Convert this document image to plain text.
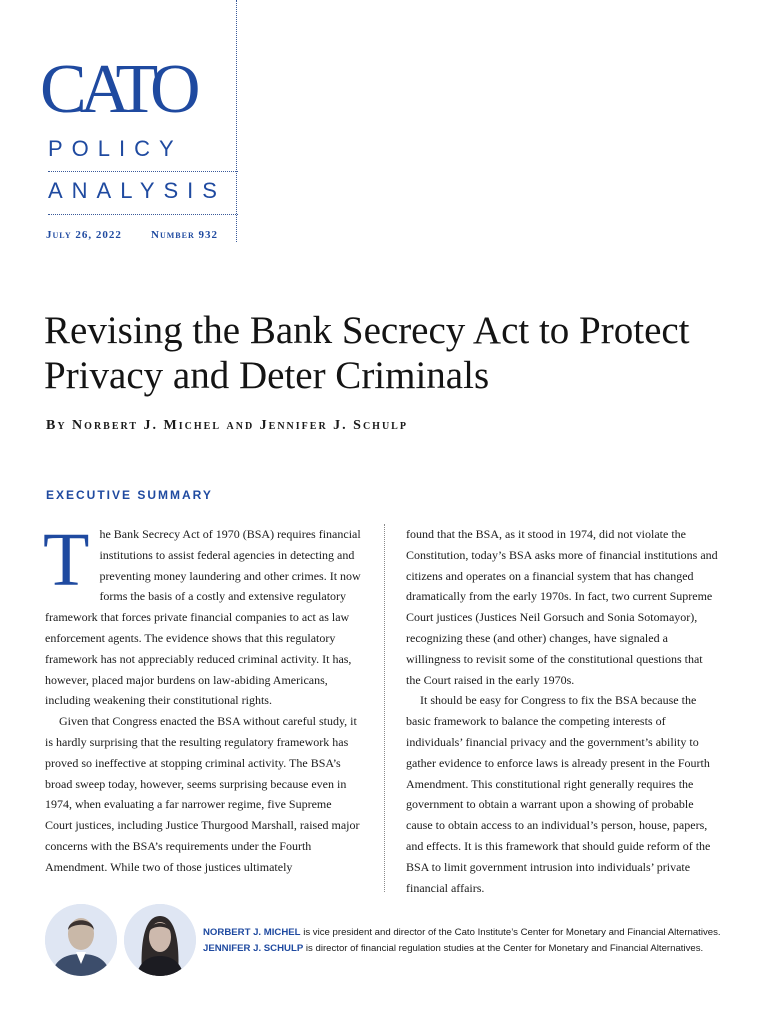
CATO
POLICY
ANALYSIS
July 26, 2022	Number 932
Revising the Bank Secrecy Act to Protect Privacy and Deter Criminals
By Norbert J. Michel and Jennifer J. Schulp
EXECUTIVE SUMMARY

The Bank Secrecy Act of 1970 (BSA) requires financial institutions to assist federal agencies in detecting and preventing money laundering and other crimes. It now forms the basis of a costly and extensive regulatory framework that forces private financial companies to act as law enforcement agents. The evidence shows that this regulatory framework has not appreciably reduced criminal activity. It has, however, placed major burdens on law-abiding Americans, including weakening their constitutional rights.

Given that Congress enacted the BSA without careful study, it is hardly surprising that the resulting regulatory framework has proved so ineffective at stopping criminal activity. The BSA’s broad sweep today, however, seems surprising because even in 1974, when evaluating a far narrower regime, five Supreme Court justices, including Justice Thurgood Marshall, raised major concerns with the BSA’s requirements under the Fourth Amendment. While two of those justices ultimately

found that the BSA, as it stood in 1974, did not violate the Constitution, today’s BSA asks more of financial institutions and citizens and operates on a financial system that has changed dramatically from the early 1970s. In fact, two current Supreme Court justices (Justices Neil Gorsuch and Sonia Sotomayor), recognizing these (and other) changes, have signaled a willingness to revisit some of the constitutional questions that the Court raised in the early 1970s.

It should be easy for Congress to fix the BSA because the basic framework to balance the competing interests of individuals’ financial privacy and the government’s ability to gather evidence to enforce laws is already present in the Fourth Amendment. This constitutional right generally requires the government to obtain a warrant upon a showing of probable cause to obtain access to an individual’s person, house, papers, and effects. It is this framework that should guide reform of the BSA to limit government intrusion into individuals’ private financial affairs.

NORBERT J. MICHEL is vice president and director of the Cato Institute’s Center for Monetary and Financial Alternatives.
JENNIFER J. SCHULP is director of financial regulation studies at the Center for Monetary and Financial Alternatives.
